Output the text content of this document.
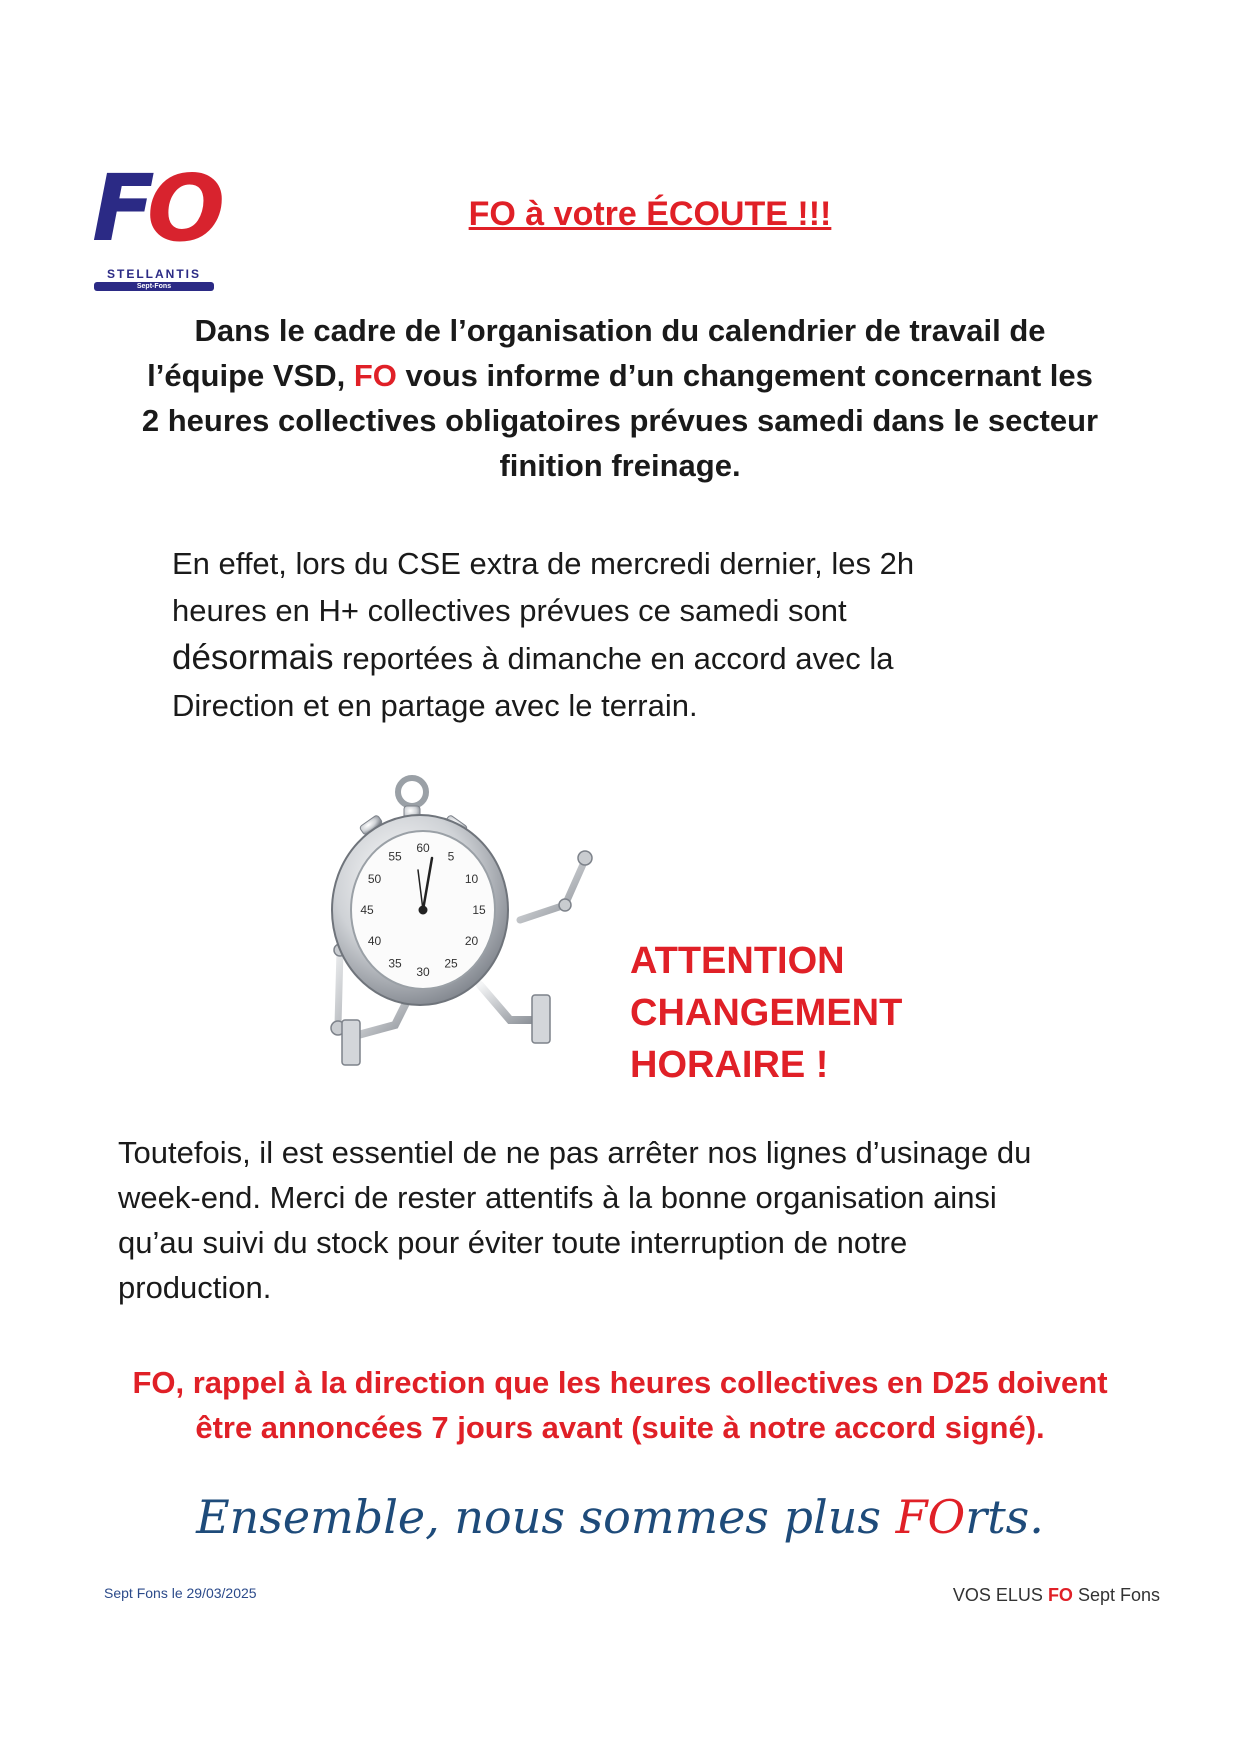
FO
STELLANTIS
Sept-Fons
FO à votre ÉCOUTE !!!
Dans le cadre de l’organisation du calendrier de travail de
l’équipe VSD, FO vous informe d’un changement concernant les
2 heures collectives obligatoires prévues samedi dans le secteur
finition freinage.
En effet, lors du CSE extra de mercredi dernier, les 2h
heures en H+ collectives prévues ce samedi sont
désormais reportées à dimanche en accord avec la
Direction et en partage avec le terrain.
60
5
10
15
20
25
30
35
40
45
50
55
ATTENTION
CHANGEMENT
HORAIRE !
Toutefois, il est essentiel de ne pas arrêter nos lignes d’usinage du
week-end. Merci de rester attentifs à la bonne organisation ainsi
qu’au suivi du stock pour éviter toute interruption de notre
production.
FO, rappel à la direction que les heures collectives en D25 doivent
être annoncées 7 jours avant (suite à notre accord signé).
Ensemble, nous sommes plus FOrts.
Sept Fons le 29/03/2025	VOS ELUS FO Sept Fons
